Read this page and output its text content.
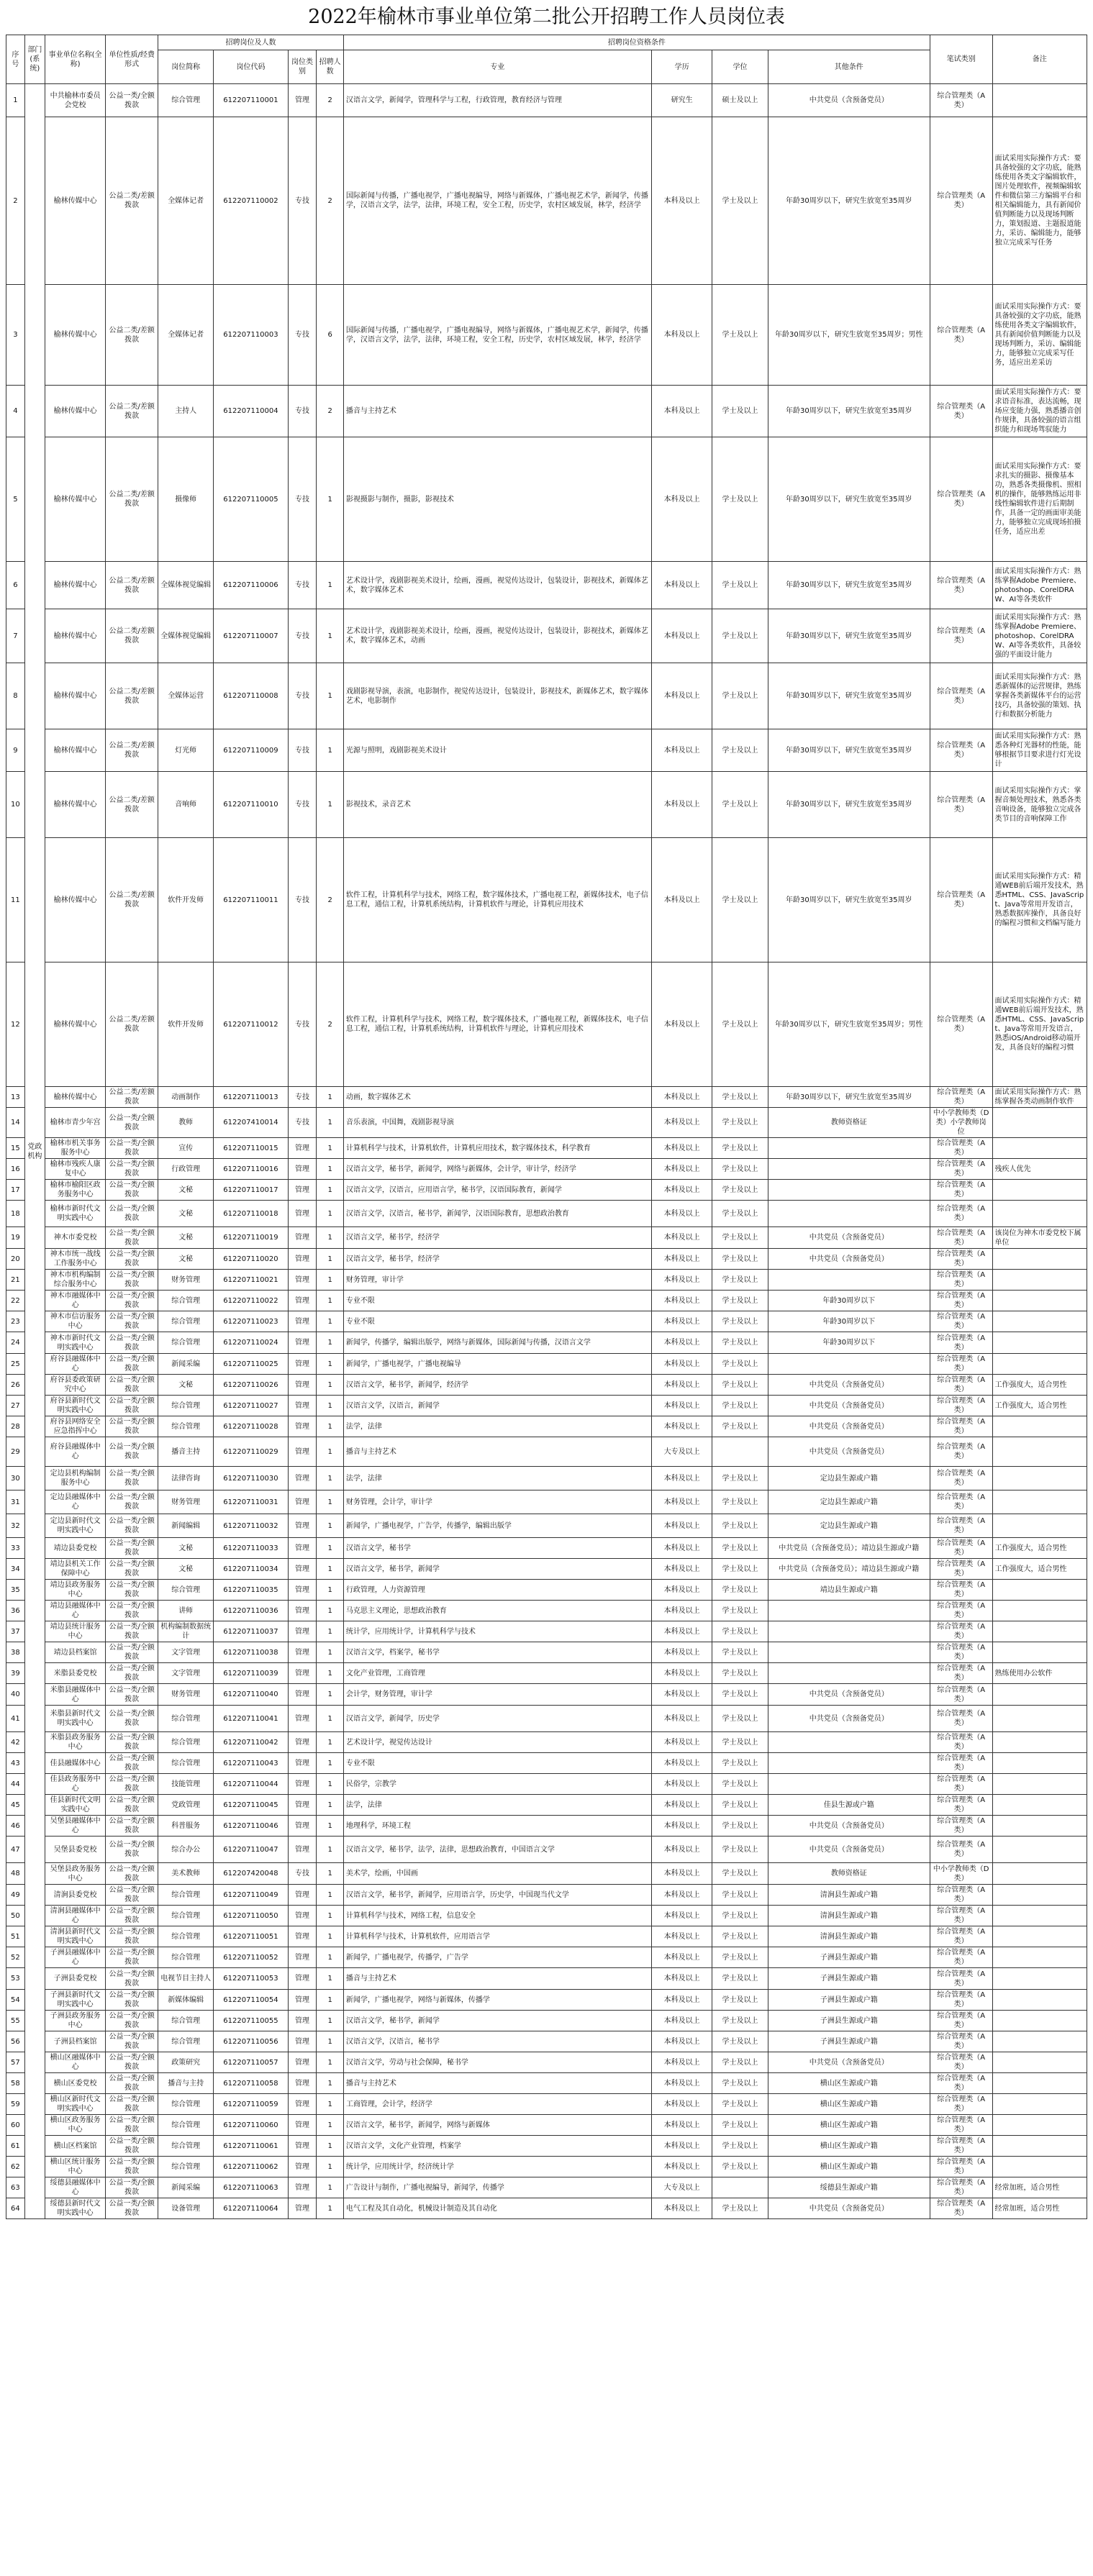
2022年榆林市事业单位第二批公开招聘工作人员岗位表
序号	部门(系统)	事业单位名称(全称)	单位性质/经费形式	招聘岗位及人数				招聘岗位资格条件				笔试类别	备注
				岗位简称	岗位代码	岗位类别	招聘人数	专业	学历	学位	其他条件		
1	党政机构	中共榆林市委员会党校	公益一类/全额拨款	综合管理	612207110001	管理	2	汉语言文学，新闻学，管理科学与工程，行政管理，教育经济与管理	研究生	硕士及以上	中共党员（含预备党员）	综合管理类（A类）	
2		榆林传媒中心	公益二类/差额拨款	全媒体记者	612207110002	专技	2	国际新闻与传播，广播电视学，广播电视编导，网络与新媒体，广播电视艺术学，新闻学，传播学，汉语言文学，法学，法律，环境工程，安全工程，历史学，农村区域发展，林学，经济学	本科及以上	学士及以上	年龄30周岁以下，研究生放宽至35周岁	综合管理类（A类）	面试采用实际操作方式：要具备较强的文字功底，能熟练使用各类文字编辑软件，图片处理软件，视频编辑软件和微信第三方编辑平台和相关编辑能力，具有新闻价值判断能力以及现场判断力，策划报道、主题报道能力，采访、编辑能力，能够独立完成采写任务
3		榆林传媒中心	公益二类/差额拨款	全媒体记者	612207110003	专技	6	国际新闻与传播，广播电视学，广播电视编导，网络与新媒体，广播电视艺术学，新闻学，传播学，汉语言文学，法学，法律，环境工程，安全工程，历史学，农村区域发展，林学，经济学	本科及以上	学士及以上	年龄30周岁以下，研究生放宽至35周岁；男性	综合管理类（A类）	面试采用实际操作方式：要具备较强的文字功底，能熟练使用各类文字编辑软件，具有新闻价值判断能力以及现场判断力，采访、编辑能力，能够独立完成采写任务，适应出差采访
4		榆林传媒中心	公益二类/差额拨款	主持人	612207110004	专技	2	播音与主持艺术	本科及以上	学士及以上	年龄30周岁以下，研究生放宽至35周岁	综合管理类（A类）	面试采用实际操作方式：要求语音标准，表达流畅，现场应变能力强，熟悉播音创作规律，具备较强的语言组织能力和现场驾驭能力
5		榆林传媒中心	公益二类/差额拨款	摄像师	612207110005	专技	1	影视摄影与制作，摄影，影视技术	本科及以上	学士及以上	年龄30周岁以下，研究生放宽至35周岁	综合管理类（A类）	面试采用实际操作方式：要求扎实的摄影、摄像基本功，熟悉各类摄像机、照相机的操作，能够熟练运用非线性编辑软件进行后期制作，具备一定的画面审美能力，能够独立完成现场拍摄任务，适应出差
6		榆林传媒中心	公益二类/差额拨款	全媒体视觉编辑	612207110006	专技	1	艺术设计学，戏剧影视美术设计，绘画，漫画，视觉传达设计，包装设计，影视技术，新媒体艺术，数字媒体艺术	本科及以上	学士及以上	年龄30周岁以下，研究生放宽至35周岁	综合管理类（A类）	面试采用实际操作方式：熟练掌握Adobe Premiere、photoshop、CorelDRAW、AI等各类软件
7		榆林传媒中心	公益二类/差额拨款	全媒体视觉编辑	612207110007	专技	1	艺术设计学，戏剧影视美术设计，绘画，漫画，视觉传达设计，包装设计，影视技术，新媒体艺术，数字媒体艺术，动画	本科及以上	学士及以上	年龄30周岁以下，研究生放宽至35周岁	综合管理类（A类）	面试采用实际操作方式：熟练掌握Adobe Premiere、photoshop、CorelDRAW、AI等各类软件，具备较强的平面设计能力
8		榆林传媒中心	公益二类/差额拨款	全媒体运营	612207110008	专技	1	戏剧影视导演，表演，电影制作，视觉传达设计，包装设计，影视技术，新媒体艺术，数字媒体艺术，电影制作	本科及以上	学士及以上	年龄30周岁以下，研究生放宽至35周岁	综合管理类（A类）	面试采用实际操作方式：熟悉新媒体的运营规律，熟练掌握各类新媒体平台的运营技巧，具备较强的策划、执行和数据分析能力
9		榆林传媒中心	公益二类/差额拨款	灯光师	612207110009	专技	1	光源与照明，戏剧影视美术设计	本科及以上	学士及以上	年龄30周岁以下，研究生放宽至35周岁	综合管理类（A类）	面试采用实际操作方式：熟悉各种灯光器材的性能，能够根据节目要求进行灯光设计
10		榆林传媒中心	公益二类/差额拨款	音响师	612207110010	专技	1	影视技术，录音艺术	本科及以上	学士及以上	年龄30周岁以下，研究生放宽至35周岁	综合管理类（A类）	面试采用实际操作方式：掌握音频处理技术，熟悉各类音响设备，能够独立完成各类节目的音响保障工作
11		榆林传媒中心	公益二类/差额拨款	软件开发师	612207110011	专技	2	软件工程，计算机科学与技术，网络工程，数字媒体技术，广播电视工程，新媒体技术，电子信息工程，通信工程，计算机系统结构，计算机软件与理论，计算机应用技术	本科及以上	学士及以上	年龄30周岁以下，研究生放宽至35周岁	综合管理类（A类）	面试采用实际操作方式：精通WEB前后端开发技术，熟悉HTML、CSS、JavaScript、Java等常用开发语言，熟悉数据库操作，具备良好的编程习惯和文档编写能力
12		榆林传媒中心	公益二类/差额拨款	软件开发师	612207110012	专技	2	软件工程，计算机科学与技术，网络工程，数字媒体技术，广播电视工程，新媒体技术，电子信息工程，通信工程，计算机系统结构，计算机软件与理论，计算机应用技术	本科及以上	学士及以上	年龄30周岁以下，研究生放宽至35周岁；男性	综合管理类（A类）	面试采用实际操作方式：精通WEB前后端开发技术，熟悉HTML、CSS、JavaScript、Java等常用开发语言，熟悉iOS/Android移动端开发，具备良好的编程习惯
13		榆林传媒中心	公益二类/差额拨款	动画制作	612207110013	专技	1	动画，数字媒体艺术	本科及以上	学士及以上	年龄30周岁以下，研究生放宽至35周岁	综合管理类（A类）	面试采用实际操作方式：熟练掌握各类动画制作软件
14		榆林市青少年宫	公益一类/全额拨款	教师	612207410014	专技	1	音乐表演，中国舞，戏剧影视导演	本科及以上	学士及以上	教师资格证	中小学教师类（D类）小学教师岗位	
15		榆林市机关事务服务中心	公益一类/全额拨款	宣传	612207110015	管理	1	计算机科学与技术，计算机软件，计算机应用技术，数字媒体技术，科学教育	本科及以上	学士及以上		综合管理类（A类）	
16		榆林市残疾人康复中心	公益一类/全额拨款	行政管理	612207110016	管理	1	汉语言文学，秘书学，新闻学，网络与新媒体，会计学，审计学，经济学	本科及以上	学士及以上		综合管理类（A类）	残疾人优先
17		榆林市榆阳区政务服务中心	公益一类/全额拨款	文秘	612207110017	管理	1	汉语言文学，汉语言，应用语言学，秘书学，汉语国际教育，新闻学	本科及以上	学士及以上		综合管理类（A类）	
18		榆林市新时代文明实践中心	公益一类/全额拨款	文秘	612207110018	管理	1	汉语言文学，汉语言，秘书学，新闻学，汉语国际教育，思想政治教育	本科及以上	学士及以上		综合管理类（A类）	
19		神木市委党校	公益一类/全额拨款	文秘	612207110019	管理	1	汉语言文学，秘书学，经济学	本科及以上	学士及以上	中共党员（含预备党员）	综合管理类（A类）	该岗位为神木市委党校下属单位
20		神木市统一战线工作服务中心	公益一类/全额拨款	文秘	612207110020	管理	1	汉语言文学，秘书学，经济学	本科及以上	学士及以上	中共党员（含预备党员）	综合管理类（A类）	
21		神木市机构编制综合服务中心	公益一类/全额拨款	财务管理	612207110021	管理	1	财务管理，审计学	本科及以上	学士及以上		综合管理类（A类）	
22		神木市融媒体中心	公益一类/全额拨款	综合管理	612207110022	管理	1	专业不限	本科及以上	学士及以上	年龄30周岁以下	综合管理类（A类）	
23		神木市信访服务中心	公益一类/全额拨款	综合管理	612207110023	管理	1	专业不限	本科及以上	学士及以上	年龄30周岁以下	综合管理类（A类）	
24		神木市新时代文明实践中心	公益一类/全额拨款	综合管理	612207110024	管理	1	新闻学，传播学，编辑出版学，网络与新媒体，国际新闻与传播，汉语言文学	本科及以上	学士及以上	年龄30周岁以下	综合管理类（A类）	
25		府谷县融媒体中心	公益一类/全额拨款	新闻采编	612207110025	管理	1	新闻学，广播电视学，广播电视编导	本科及以上	学士及以上		综合管理类（A类）	
26		府谷县委政策研究中心	公益一类/全额拨款	文秘	612207110026	管理	1	汉语言文学，秘书学，新闻学，经济学	本科及以上	学士及以上	中共党员（含预备党员）	综合管理类（A类）	工作强度大，适合男性
27		府谷县新时代文明实践中心	公益一类/全额拨款	综合管理	612207110027	管理	1	汉语言文学，汉语言，新闻学	本科及以上	学士及以上	中共党员（含预备党员）	综合管理类（A类）	工作强度大，适合男性
28		府谷县网络安全应急指挥中心	公益一类/全额拨款	综合管理	612207110028	管理	1	法学，法律	本科及以上	学士及以上	中共党员（含预备党员）	综合管理类（A类）	
29		府谷县融媒体中心	公益一类/全额拨款	播音主持	612207110029	管理	1	播音与主持艺术	大专及以上		中共党员（含预备党员）	综合管理类（A类）	
30		定边县机构编制服务中心	公益一类/全额拨款	法律咨询	612207110030	管理	1	法学，法律	本科及以上	学士及以上	定边县生源或户籍	综合管理类（A类）	
31		定边县融媒体中心	公益一类/全额拨款	财务管理	612207110031	管理	1	财务管理，会计学，审计学	本科及以上	学士及以上	定边县生源或户籍	综合管理类（A类）	
32		定边县新时代文明实践中心	公益一类/全额拨款	新闻编辑	612207110032	管理	1	新闻学，广播电视学，广告学，传播学，编辑出版学	本科及以上	学士及以上	定边县生源或户籍	综合管理类（A类）	
33		靖边县委党校	公益一类/全额拨款	文秘	612207110033	管理	1	汉语言文学，秘书学	本科及以上	学士及以上	中共党员（含预备党员）；靖边县生源或户籍	综合管理类（A类）	工作强度大，适合男性
34		靖边县机关工作保障中心	公益一类/全额拨款	文秘	612207110034	管理	1	汉语言文学，秘书学，新闻学	本科及以上	学士及以上	中共党员（含预备党员）；靖边县生源或户籍	综合管理类（A类）	工作强度大，适合男性
35		靖边县政务服务中心	公益一类/全额拨款	综合管理	612207110035	管理	1	行政管理，人力资源管理	本科及以上	学士及以上	靖边县生源或户籍	综合管理类（A类）	
36		靖边县融媒体中心	公益一类/全额拨款	讲师	612207110036	管理	1	马克思主义理论，思想政治教育	本科及以上	学士及以上		综合管理类（A类）	
37		靖边县统计服务中心	公益一类/全额拨款	机构编制数据统计	612207110037	管理	1	统计学，应用统计学，计算机科学与技术	本科及以上	学士及以上		综合管理类（A类）	
38		靖边县档案馆	公益一类/全额拨款	文字管理	612207110038	管理	1	汉语言文学，档案学，秘书学	本科及以上	学士及以上		综合管理类（A类）	
39		米脂县委党校	公益一类/全额拨款	文字管理	612207110039	管理	1	文化产业管理，工商管理	本科及以上	学士及以上		综合管理类（A类）	熟练使用办公软件
40		米脂县融媒体中心	公益一类/全额拨款	财务管理	612207110040	管理	1	会计学，财务管理，审计学	本科及以上	学士及以上	中共党员（含预备党员）	综合管理类（A类）	
41		米脂县新时代文明实践中心	公益一类/全额拨款	综合管理	612207110041	管理	1	汉语言文学，新闻学，历史学	本科及以上	学士及以上	中共党员（含预备党员）	综合管理类（A类）	
42		米脂县政务服务中心	公益一类/全额拨款	综合管理	612207110042	管理	1	艺术设计学，视觉传达设计	本科及以上	学士及以上		综合管理类（A类）	
43		佳县融媒体中心	公益一类/全额拨款	综合管理	612207110043	管理	1	专业不限	本科及以上	学士及以上		综合管理类（A类）	
44		佳县政务服务中心	公益一类/全额拨款	技能管理	612207110044	管理	1	民俗学，宗教学	本科及以上	学士及以上		综合管理类（A类）	
45		佳县新时代文明实践中心	公益一类/全额拨款	党政管理	612207110045	管理	1	法学，法律	本科及以上	学士及以上	佳县生源或户籍	综合管理类（A类）	
46		吴堡县融媒体中心	公益一类/全额拨款	科普服务	612207110046	管理	1	地理科学，环境工程	本科及以上	学士及以上	中共党员（含预备党员）	综合管理类（A类）	
47		吴堡县委党校	公益一类/全额拨款	综合办公	612207110047	管理	1	汉语言文学，秘书学，法学，法律，思想政治教育，中国语言文学	本科及以上	学士及以上	中共党员（含预备党员）	综合管理类（A类）	
48		吴堡县政务服务中心	公益一类/全额拨款	美术教师	612207420048	专技	1	美术学，绘画，中国画	本科及以上	学士及以上	教师资格证	中小学教师类（D类）	
49		清涧县委党校	公益一类/全额拨款	综合管理	612207110049	管理	1	汉语言文学，秘书学，新闻学，应用语言学，历史学，中国现当代文学	本科及以上	学士及以上	清涧县生源或户籍	综合管理类（A类）	
50		清涧县融媒体中心	公益一类/全额拨款	综合管理	612207110050	管理	1	计算机科学与技术，网络工程，信息安全	本科及以上	学士及以上	清涧县生源或户籍	综合管理类（A类）	
51		清涧县新时代文明实践中心	公益一类/全额拨款	综合管理	612207110051	管理	1	计算机科学与技术，计算机软件，应用语言学	本科及以上	学士及以上	清涧县生源或户籍	综合管理类（A类）	
52		子洲县融媒体中心	公益一类/全额拨款	综合管理	612207110052	管理	1	新闻学，广播电视学，传播学，广告学	本科及以上	学士及以上	子洲县生源或户籍	综合管理类（A类）	
53		子洲县委党校	公益一类/全额拨款	电视节目主持人	612207110053	管理	1	播音与主持艺术	本科及以上	学士及以上	子洲县生源或户籍	综合管理类（A类）	
54		子洲县新时代文明实践中心	公益一类/全额拨款	新媒体编辑	612207110054	管理	1	新闻学，广播电视学，网络与新媒体，传播学	本科及以上	学士及以上	子洲县生源或户籍	综合管理类（A类）	
55		子洲县政务服务中心	公益一类/全额拨款	综合管理	612207110055	管理	1	汉语言文学，秘书学，新闻学	本科及以上	学士及以上	子洲县生源或户籍	综合管理类（A类）	
56		子洲县档案馆	公益一类/全额拨款	综合管理	612207110056	管理	1	汉语言文学，汉语言，秘书学	本科及以上	学士及以上	子洲县生源或户籍	综合管理类（A类）	
57		横山区融媒体中心	公益一类/全额拨款	政策研究	612207110057	管理	1	汉语言文学，劳动与社会保障，秘书学	本科及以上	学士及以上	中共党员（含预备党员）	综合管理类（A类）	
58		横山区委党校	公益一类/全额拨款	播音与主持	612207110058	管理	1	播音与主持艺术	本科及以上	学士及以上	横山区生源或户籍	综合管理类（A类）	
59		横山区新时代文明实践中心	公益一类/全额拨款	综合管理	612207110059	管理	1	工商管理，会计学，经济学	本科及以上	学士及以上	横山区生源或户籍	综合管理类（A类）	
60		横山区政务服务中心	公益一类/全额拨款	综合管理	612207110060	管理	1	汉语言文学，秘书学，新闻学，网络与新媒体	本科及以上	学士及以上	横山区生源或户籍	综合管理类（A类）	
61		横山区档案馆	公益一类/全额拨款	综合管理	612207110061	管理	1	汉语言文学，文化产业管理，档案学	本科及以上	学士及以上	横山区生源或户籍	综合管理类（A类）	
62		横山区统计服务中心	公益一类/全额拨款	综合管理	612207110062	管理	1	统计学，应用统计学，经济统计学	本科及以上	学士及以上	横山区生源或户籍	综合管理类（A类）	
63		绥德县融媒体中心	公益一类/全额拨款	新闻采编	612207110063	管理	1	广告设计与制作，广播电视编导，新闻学，传播学	大专及以上		绥德县生源或户籍	综合管理类（A类）	经常加班，适合男性
64		绥德县新时代文明实践中心	公益一类/全额拨款	设备管理	612207110064	管理	1	电气工程及其自动化，机械设计制造及其自动化	本科及以上	学士及以上	中共党员（含预备党员）	综合管理类（A类）	经常加班，适合男性
